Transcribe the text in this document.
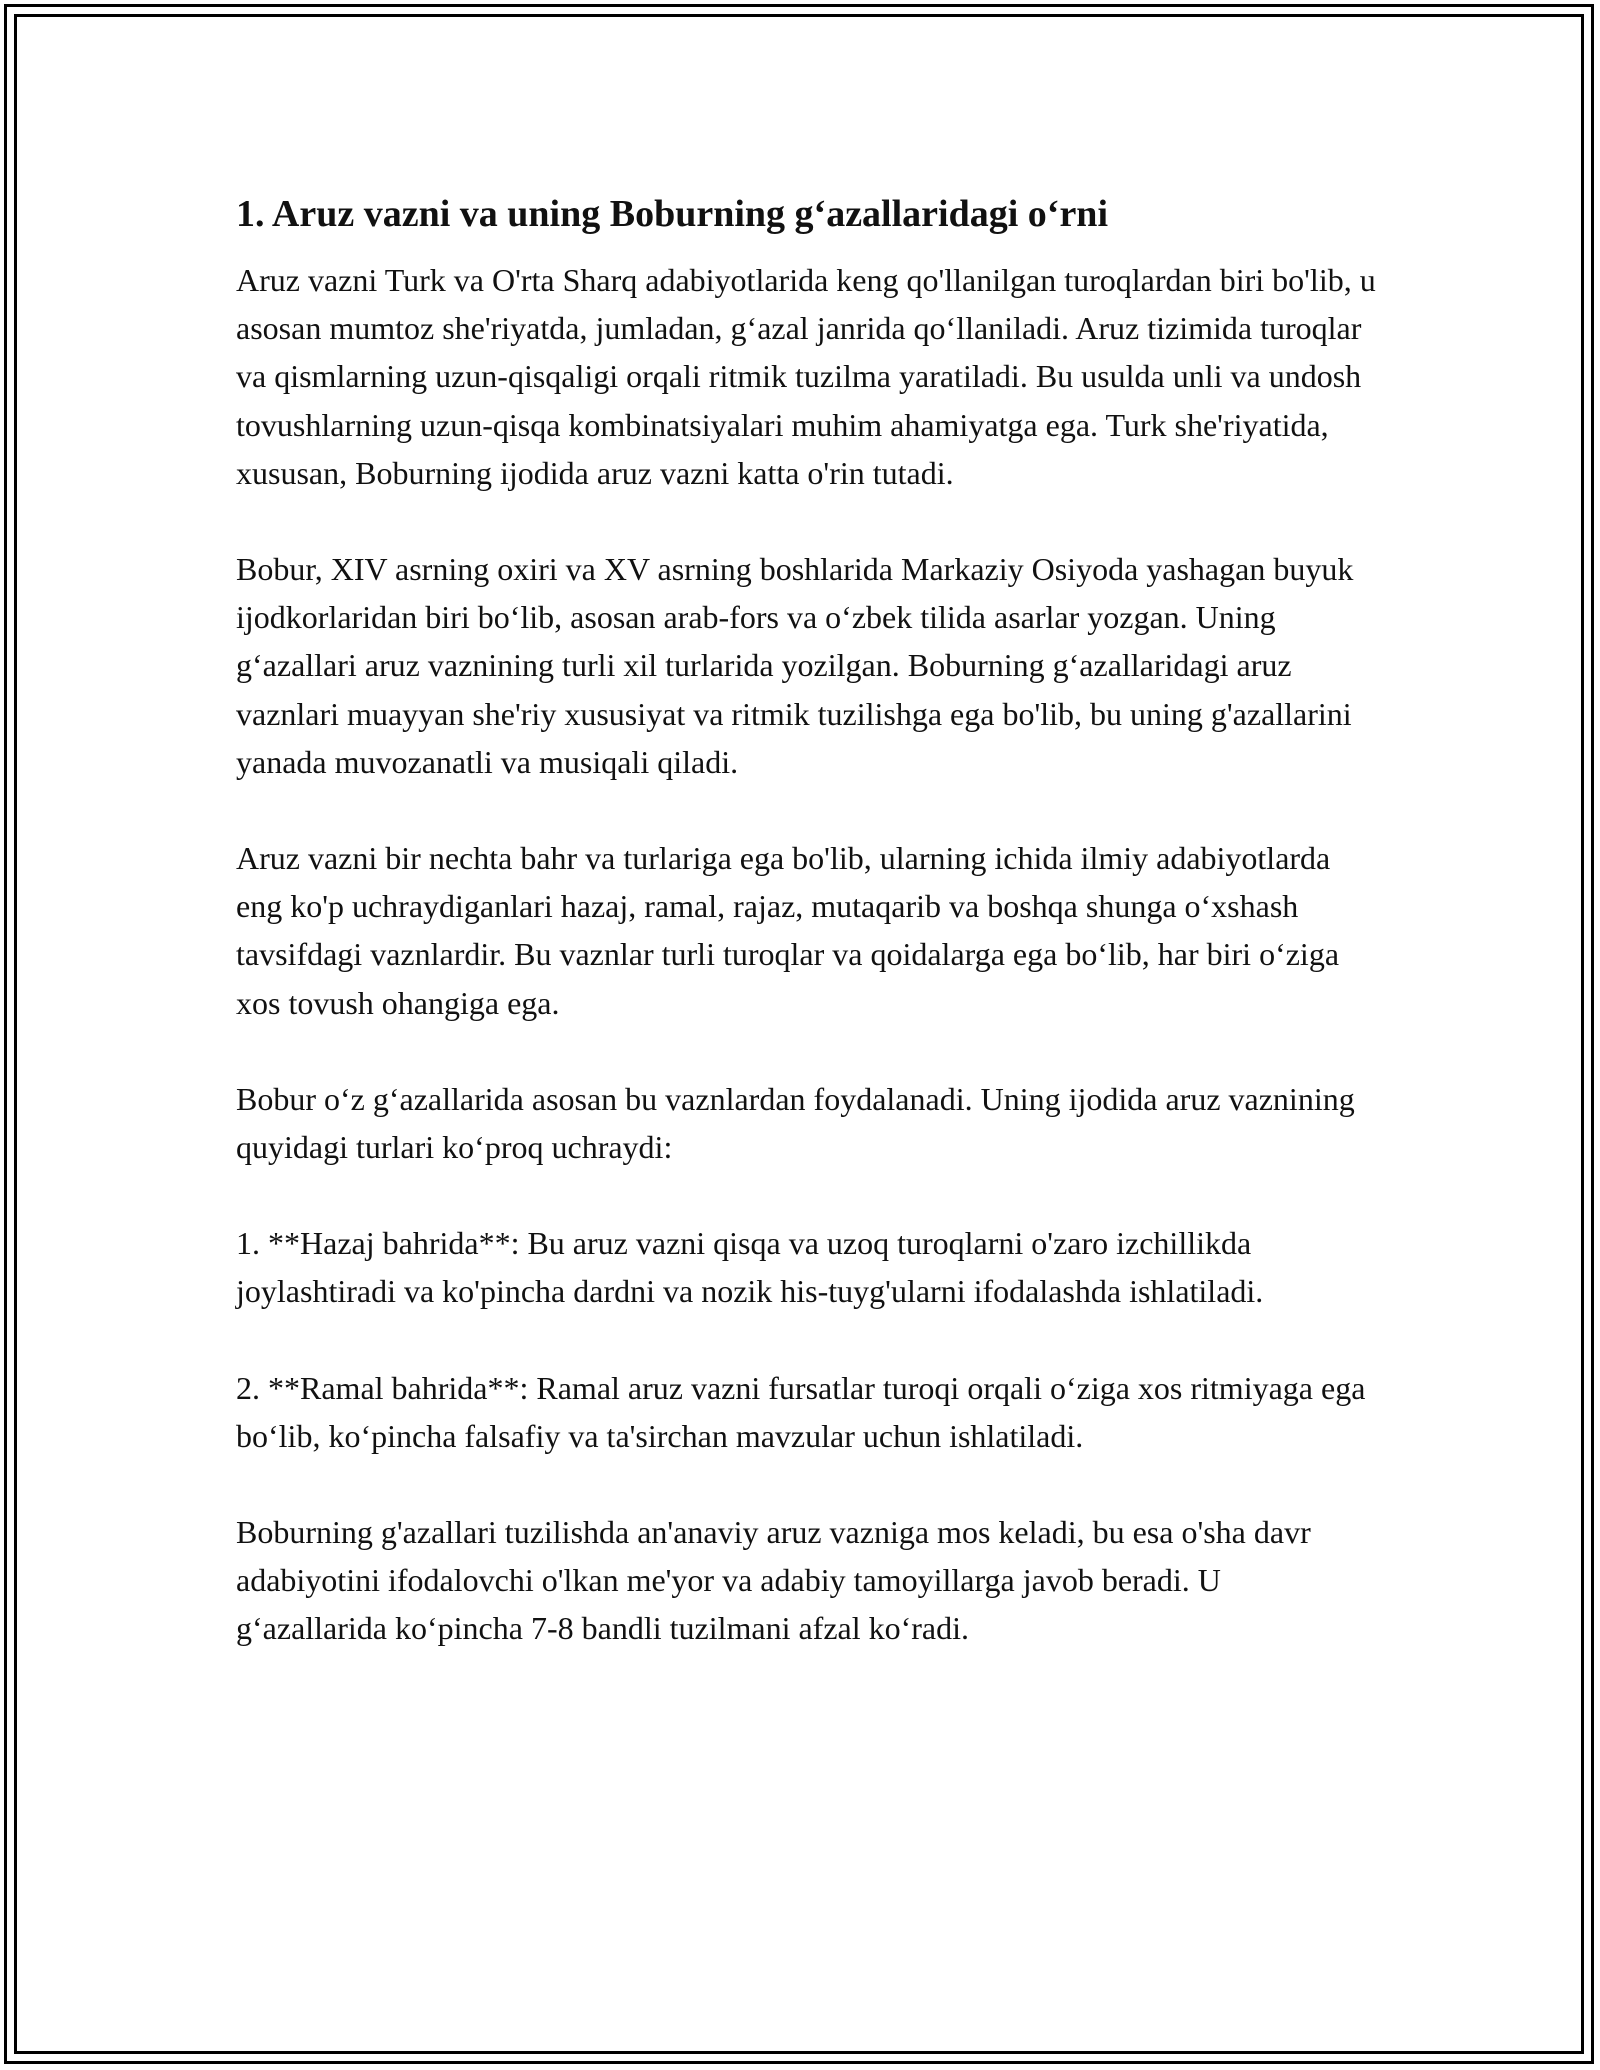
1. Aruz vazni va uning Boburning g‘azallaridagi o‘rni

Aruz vazni Turk va O'rta Sharq adabiyotlarida keng qo'llanilgan turoqlardan biri bo'lib, u asosan mumtoz she'riyatda, jumladan, g‘azal janrida qo‘llaniladi. Aruz tizimida turoqlar va qismlarning uzun-qisqaligi orqali ritmik tuzilma yaratiladi. Bu usulda unli va undosh tovushlarning uzun-qisqa kombinatsiyalari muhim ahamiyatga ega. Turk she'riyatida, xususan, Boburning ijodida aruz vazni katta o'rin tutadi.

Bobur, XIV asrning oxiri va XV asrning boshlarida Markaziy Osiyoda yashagan buyuk ijodkorlaridan biri bo‘lib, asosan arab-fors va o‘zbek tilida asarlar yozgan. Uning g‘azallari aruz vaznining turli xil turlarida yozilgan. Boburning g‘azallaridagi aruz vaznlari muayyan she'riy xususiyat va ritmik tuzilishga ega bo'lib, bu uning g'azallarini yanada muvozanatli va musiqali qiladi.

Aruz vazni bir nechta bahr va turlariga ega bo'lib, ularning ichida ilmiy adabiyotlarda eng ko'p uchraydiganlari hazaj, ramal, rajaz, mutaqarib va boshqa shunga o‘xshash tavsifdagi vaznlardir. Bu vaznlar turli turoqlar va qoidalarga ega bo‘lib, har biri o‘ziga xos tovush ohangiga ega.

Bobur o‘z g‘azallarida asosan bu vaznlardan foydalanadi. Uning ijodida aruz vaznining quyidagi turlari ko‘proq uchraydi:

1. **Hazaj bahrida**: Bu aruz vazni qisqa va uzoq turoqlarni o'zaro izchillikda joylashtiradi va ko'pincha dardni va nozik his-tuyg'ularni ifodalashda ishlatiladi.

2. **Ramal bahrida**: Ramal aruz vazni fursatlar turoqi orqali o‘ziga xos ritmiyaga ega bo‘lib, ko‘pincha falsafiy va ta'sirchan mavzular uchun ishlatiladi.

Boburning g'azallari tuzilishda an'anaviy aruz vazniga mos keladi, bu esa o'sha davr adabiyotini ifodalovchi o'lkan me'yor va adabiy tamoyillarga javob beradi. U g‘azallarida ko‘pincha 7-8 bandli tuzilmani afzal ko‘radi.
